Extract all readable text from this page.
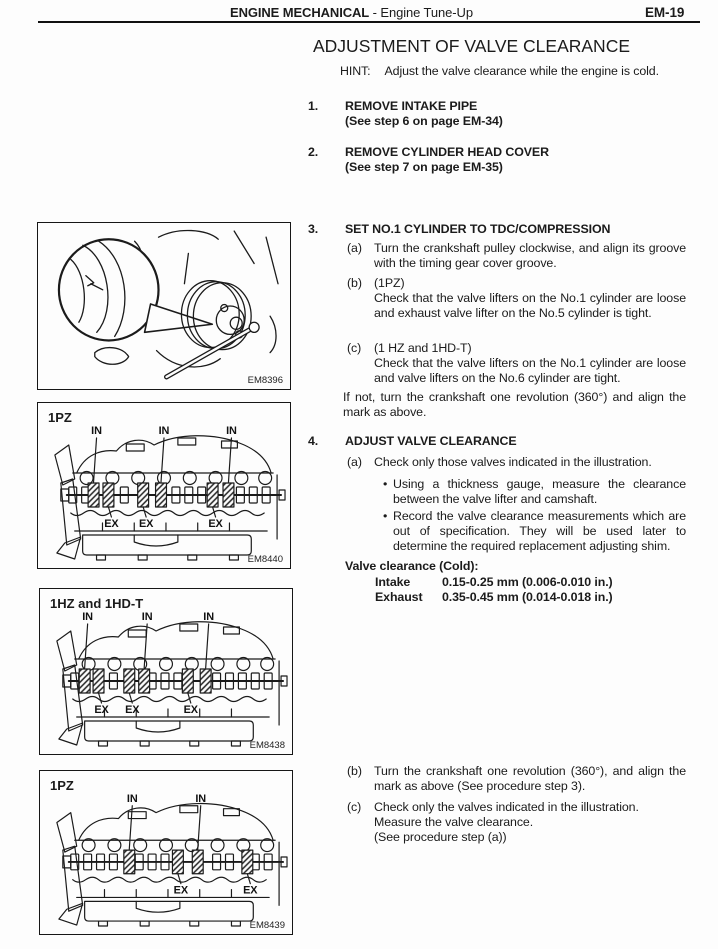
ENGINE MECHANICAL - Engine Tune-Up	EM-19
ADJUSTMENT OF VALVE CLEARANCE
HINT: Adjust the valve clearance while the engine is cold.
1. REMOVE INTAKE PIPE
(See step 6 on page EM-34)
2. REMOVE CYLINDER HEAD COVER
(See step 7 on page EM-35)
3. SET NO.1 CYLINDER TO TDC/COMPRESSION
(a) Turn the crankshaft pulley clockwise, and align its groove with the timing gear cover groove.
(b) (1PZ)
Check that the valve lifters on the No.1 cylinder are loose and exhaust valve lifter on the No.5 cylinder is tight.
(c) (1 HZ and 1HD-T)
Check that the valve lifters on the No.1 cylinder are loose and valve lifters on the No.6 cylinder are tight.
If not, turn the crankshaft one revolution (360°) and align the mark as above.
4. ADJUST VALVE CLEARANCE
(a) Check only those valves indicated in the illustration.
• Using a thickness gauge, measure the clearance between the valve lifter and camshaft.
• Record the valve clearance measurements which are out of specification. They will be used later to determine the required replacement adjusting shim.
Valve clearance (Cold):
Intake	0.15-0.25 mm (0.006-0.010 in.)
Exhaust 0.35-0.45 mm (0.014-0.018 in.)
(b) Turn the crankshaft one revolution (360°), and align the mark as above (See procedure step 3).
(c) Check only the valves indicated in the illustration.
Measure the valve clearance.
(See procedure step (a))
EM8396
1PZ
IN	IN	IN
EX EX	EX
EM8440
1HZ and 1HD-T
IN	IN	IN
EX EX	EX
EM8438
1PZ
IN	IN
EX	EX
EM8439
